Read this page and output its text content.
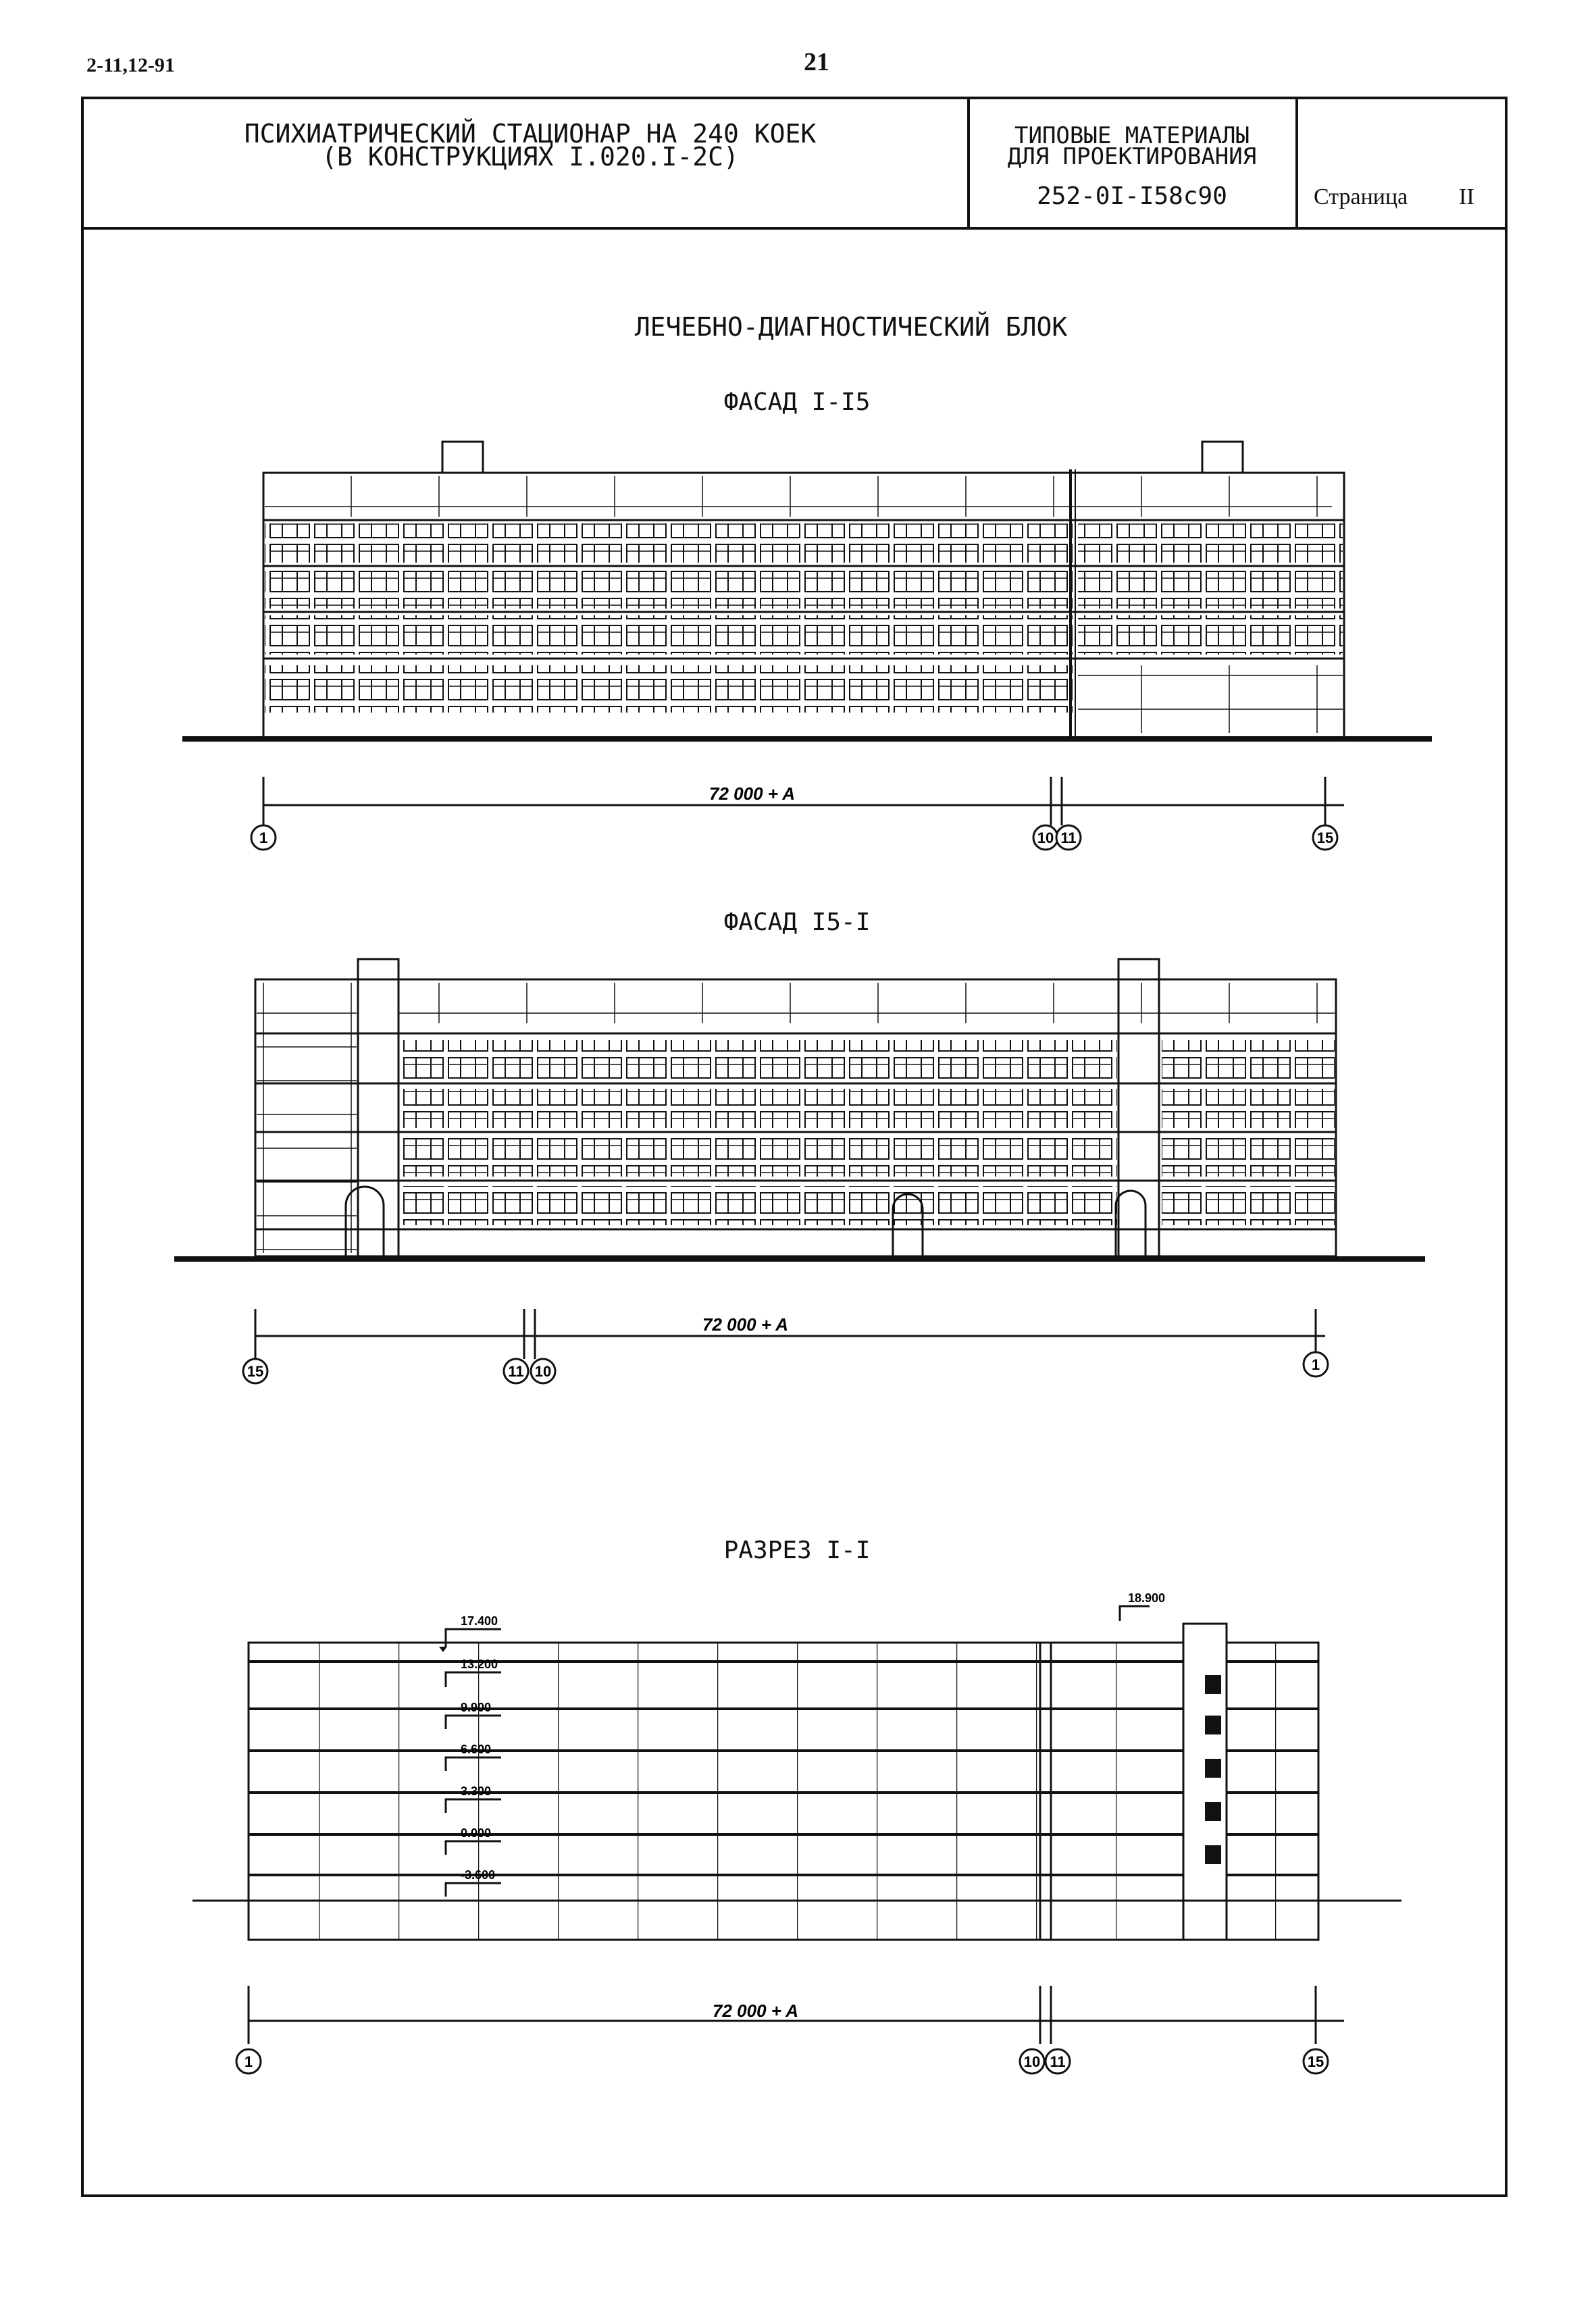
2-11,12-91	21
ПСИХИАТРИЧЕСКИЙ СТАЦИОНАР НА 240 КОЕК
(В КОНСТРУКЦИЯХ I.020.I-2C)
ТИПОВЫЕ МАТЕРИАЛЫ
ДЛЯ ПРОЕКТИРОВАНИЯ
252-0I-I58c90	Страница II
ЛЕЧЕБНО-ДИАГНОСТИЧЕСКИЙ БЛОК
1	10 11	15
15	11 10	1
1	10 11	15
72 000 + A
72 000 + A
72 000 + A
17.400
13.200
9.900
6.600
3.300
0.000
-3.600
18.900
ФАСАД I-I5
ФАСАД I5-I
РАЗРЕЗ I-I
